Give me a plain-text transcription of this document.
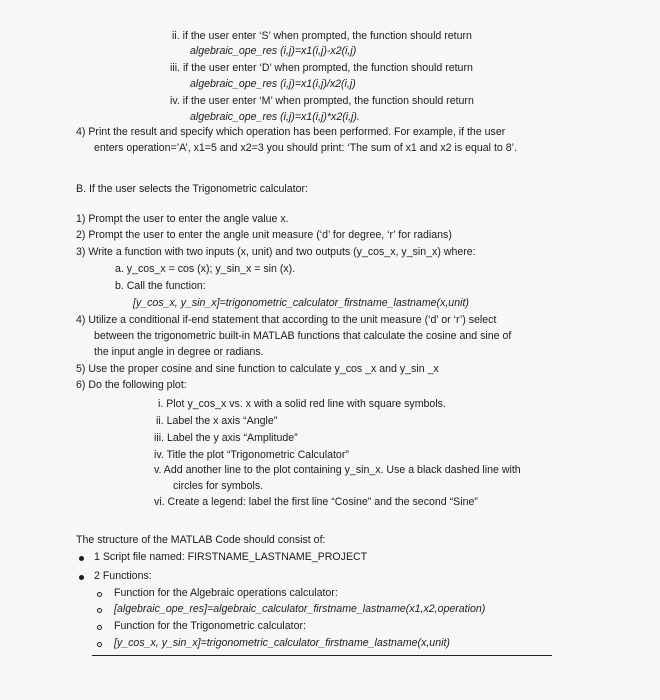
ii. if the user enter ‘S’ when prompted, the function should return
algebraic_ope_res (i,j)=x1(i,j)-x2(i,j)
iii. if the user enter ‘D’ when prompted, the function should return
algebraic_ope_res (i,j)=x1(i,j)/x2(i,j)
iv. if the user enter ‘M’ when prompted, the function should return
algebraic_ope_res (i,j)=x1(i,j)*x2(i,j).
4) Print the result and specify which operation has been performed. For example, if the user
enters operation=’A’, x1=5 and x2=3 you should print: ‘The sum of x1 and x2 is equal to 8’.
B. If the user selects the Trigonometric calculator:
1) Prompt the user to enter the angle value x.
2) Prompt the user to enter the angle unit measure (‘d’ for degree, ‘r’ for radians)
3) Write a function with two inputs (x, unit) and two outputs (y_cos_x, y_sin_x) where:
a. y_cos_x = cos (x); y_sin_x = sin (x).
b. Call the function:
[y_cos_x, y_sin_x]=trigonometric_calculator_firstname_lastname(x,unit)
4) Utilize a conditional if-end statement that according to the unit measure (‘d’ or ‘r’) select
between the trigonometric built-in MATLAB functions that calculate the cosine and sine of
the input angle in degree or radians.
5) Use the proper cosine and sine function to calculate y_cos _x and y_sin _x
6) Do the following plot:
i. Plot y_cos_x vs. x with a solid red line with square symbols.
ii. Label the x axis “Angle”
iii. Label the y axis “Amplitude”
iv. Title the plot “Trigonometric Calculator”
v. Add another line to the plot containing y_sin_x. Use a black dashed line with
circles for symbols.
vi. Create a legend: label the first line “Cosine” and the second “Sine”
The structure of the MATLAB Code should consist of:
1 Script file named: FIRSTNAME_LASTNAME_PROJECT
2 Functions:
Function for the Algebraic operations calculator:
[algebraic_ope_res]=algebraic_calculator_firstname_lastname(x1,x2,operation)
Function for the Trigonometric calculator:
[y_cos_x, y_sin_x]=trigonometric_calculator_firstname_lastname(x,unit)
